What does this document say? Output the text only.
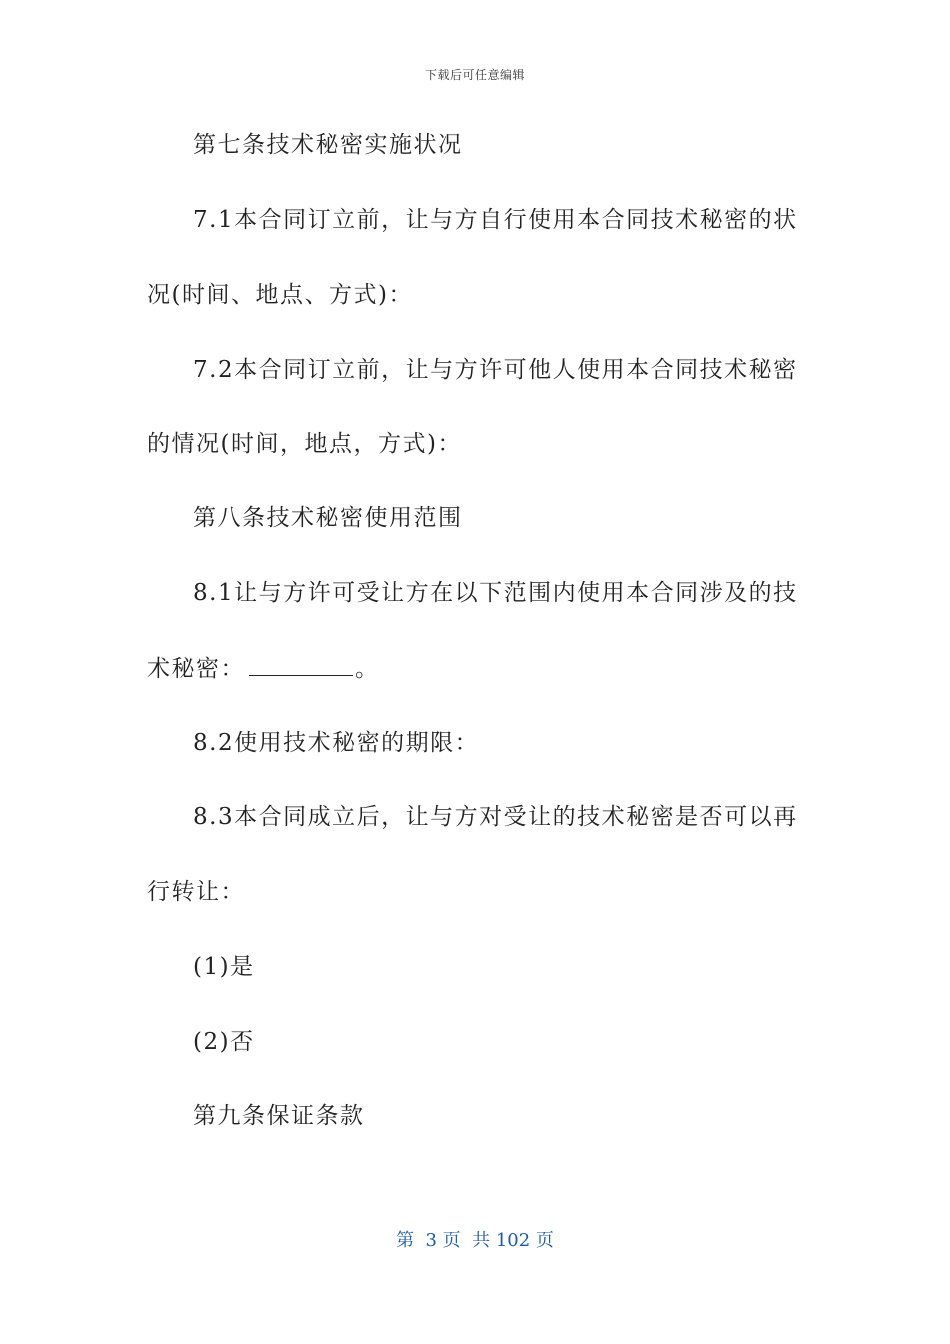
下载后可任意编辑
第七条技术秘密实施状况
7.1本合同订立前，让与方自行使用本合同技术秘密的状
况(时间、地点、方式)：
7.2本合同订立前，让与方许可他人使用本合同技术秘密
的情况(时间，地点，方式)：
第八条技术秘密使用范围
8.1让与方许可受让方在以下范围内使用本合同涉及的技
术秘密：	。
8.2使用技术秘密的期限：
8.3本合同成立后，让与方对受让的技术秘密是否可以再
行转让：
(1)是
(2)否
第九条保证条款
第  3 页  共 102 页
